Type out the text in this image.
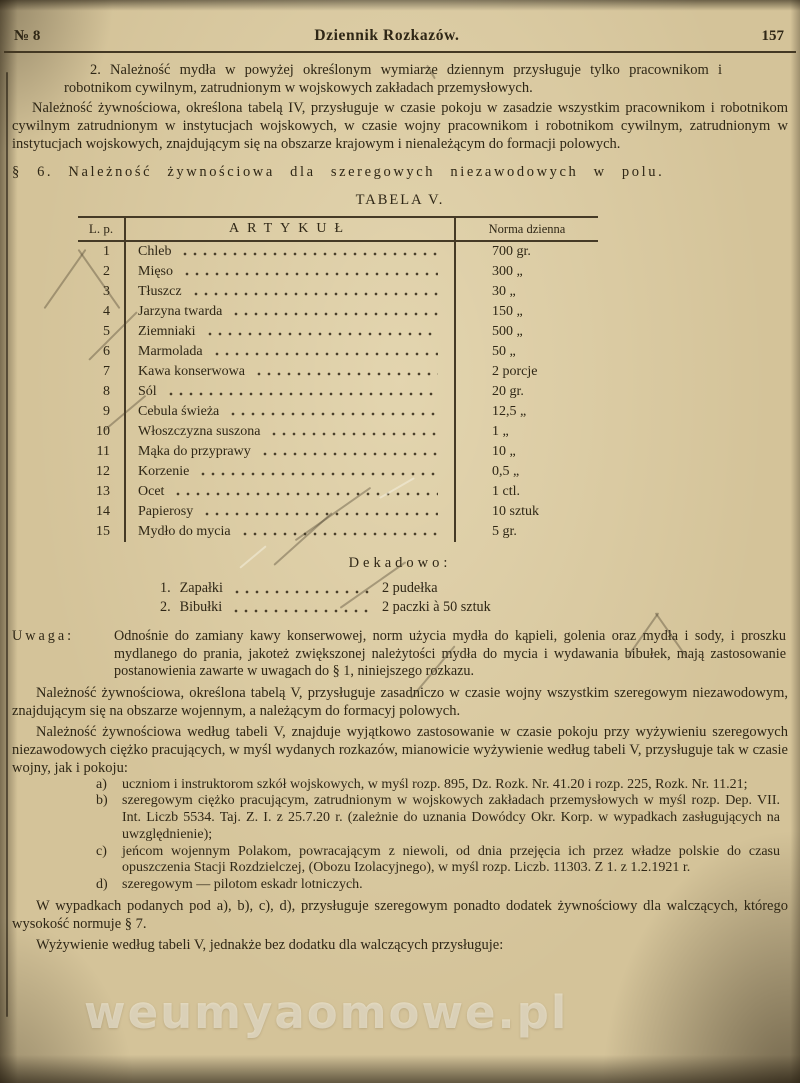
№ 8	Dziennik Rozkazów.	157

2. Należność mydła w powyżej określonym wymiarze dziennym przysługuje tylko pracownikom i robotnikom cywilnym, zatrudnionym w wojskowych zakładach przemysłowych.

Należność żywnościowa, określona tabelą IV, przysługuje w czasie pokoju w zasadzie wszystkim pracownikom i robotnikom cywilnym zatrudnionym w instytucjach wojskowych, w czasie wojny pracownikom i robotnikom cywilnym, zatrudnionym w instytucjach wojskowych, znajdującym się na obszarze krajowym i nienależącym do formacji polowych.

§ 6. Należność żywnościowa dla szeregowych niezawodowych w polu.
TABELA V.
L. p.	ARTYKUŁ	Norma dzienna
1	Chleb	700 gr.
2	Mięso	300 „
3	Tłuszcz	30 „
4	Jarzyna twarda	150 „
5	Ziemniaki	500 „
6	Marmolada	50 „
7	Kawa konserwowa	2 porcje
8	Sól	20 gr.
9	Cebula świeża	12,5 „
10	Włoszczyzna suszona	1 „
11	Mąka do przyprawy	10 „
12	Korzenie	0,5 „
13	Ocet	1 ctl.
14	Papierosy	10 sztuk
15	Mydło do mycia	5 gr.
Dekadowo:
1. Zapałki	2 pudełka
2. Bibułki	2 paczki à 50 sztuk
Uwaga:	Odnośnie do zamiany kawy konserwowej, norm użycia mydła do kąpieli, golenia oraz mydła i sody, i proszku mydlanego do prania, jakoteż zwiększonej należytości mydła do mycia i wydawania bibułek, mają zastosowanie postanowienia zawarte w uwagach do § 1, niniejszego rozkazu.

Należność żywnościowa, określona tabelą V, przysługuje zasadniczo w czasie wojny wszystkim szeregowym niezawodowym, znajdującym się na obszarze wojennym, a należącym do formacyj polowych.

Należność żywnościowa według tabeli V, znajduje wyjątkowo zastosowanie w czasie pokoju przy wyżywieniu szeregowych niezawodowych ciężko pracujących, w myśl wydanych rozkazów, mianowicie wyżywienie według tabeli V, przysługuje tak w czasie wojny, jak i pokoju:

a)	uczniom i instruktorom szkół wojskowych, w myśl rozp. 895, Dz. Rozk. Nr. 41.20 i rozp. 225, Rozk. Nr. 11.21;
b)	szeregowym ciężko pracującym, zatrudnionym w wojskowych zakładach przemysłowych w myśl rozp. Dep. VII. Int. Liczb 5534. Taj. Z. I. z 25.7.20 r. (zależnie do uznania Dowódcy Okr. Korp. w wypadkach zasługujących na uwzględnienie);
c)	jeńcom wojennym Polakom, powracającym z niewoli, od dnia przejęcia ich przez władze polskie do czasu opuszczenia Stacji Rozdzielczej, (Obozu Izolacyjnego), w myśl rozp. Liczb. 11303. Z 1. z 1.2.1921 r.
d)	szeregowym — pilotom eskadr lotniczych.

W wypadkach podanych pod a), b), c), d), przysługuje szeregowym ponadto dodatek żywnościowy dla walczących, którego wysokość normuje § 7.

Wyżywienie według tabeli V, jednakże bez dodatku dla walczących przysługuje:

weumyaomowe.pl
